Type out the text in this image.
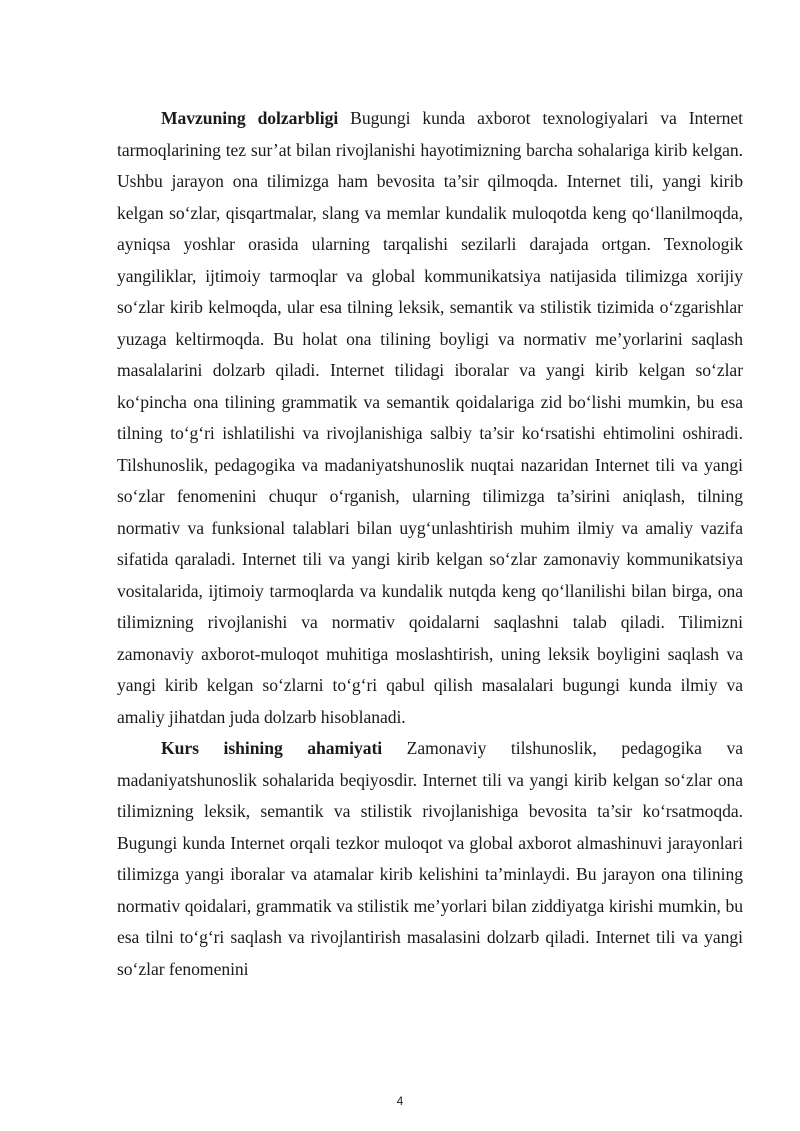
Mavzuning dolzarbligi Bugungi kunda axborot texnologiyalari va Internet tarmoqlarining tez sur’at bilan rivojlanishi hayotimizning barcha sohalariga kirib kelgan. Ushbu jarayon ona tilimizga ham bevosita ta’sir qilmoqda. Internet tili, yangi kirib kelgan so‘zlar, qisqartmalar, slang va memlar kundalik muloqotda keng qo‘llanilmoqda, ayniqsa yoshlar orasida ularning tarqalishi sezilarli darajada ortgan. Texnologik yangiliklar, ijtimoiy tarmoqlar va global kommunikatsiya natijasida tilimizga xorijiy so‘zlar kirib kelmoqda, ular esa tilning leksik, semantik va stilistik tizimida o‘zgarishlar yuzaga keltirmoqda. Bu holat ona tilining boyligi va normativ me’yorlarini saqlash masalalarini dolzarb qiladi. Internet tilidagi iboralar va yangi kirib kelgan so‘zlar ko‘pincha ona tilining grammatik va semantik qoidalariga zid bo‘lishi mumkin, bu esa tilning to‘g‘ri ishlatilishi va rivojlanishiga salbiy ta’sir ko‘rsatishi ehtimolini oshiradi. Tilshunoslik, pedagogika va madaniyatshunoslik nuqtai nazaridan Internet tili va yangi so‘zlar fenomenini chuqur o‘rganish, ularning tilimizga ta’sirini aniqlash, tilning normativ va funksional talablari bilan uyg‘unlashtirish muhim ilmiy va amaliy vazifa sifatida qaraladi. Internet tili va yangi kirib kelgan so‘zlar zamonaviy kommunikatsiya vositalarida, ijtimoiy tarmoqlarda va kundalik nutqda keng qo‘llanilishi bilan birga, ona tilimizning rivojlanishi va normativ qoidalarni saqlashni talab qiladi. Tilimizni zamonaviy axborot-muloqot muhitiga moslashtirish, uning leksik boyligini saqlash va yangi kirib kelgan so‘zlarni to‘g‘ri qabul qilish masalalari bugungi kunda ilmiy va amaliy jihatdan juda dolzarb hisoblanadi.

Kurs ishining ahamiyati Zamonaviy tilshunoslik, pedagogika va madaniyatshunoslik sohalarida beqiyosdir. Internet tili va yangi kirib kelgan so‘zlar ona tilimizning leksik, semantik va stilistik rivojlanishiga bevosita ta’sir ko‘rsatmoqda. Bugungi kunda Internet orqali tezkor muloqot va global axborot almashinuvi jarayonlari tilimizga yangi iboralar va atamalar kirib kelishini ta’minlaydi. Bu jarayon ona tilining normativ qoidalari, grammatik va stilistik me’yorlari bilan ziddiyatga kirishi mumkin, bu esa tilni to‘g‘ri saqlash va rivojlantirish masalasini dolzarb qiladi. Internet tili va yangi so‘zlar fenomenini

4
